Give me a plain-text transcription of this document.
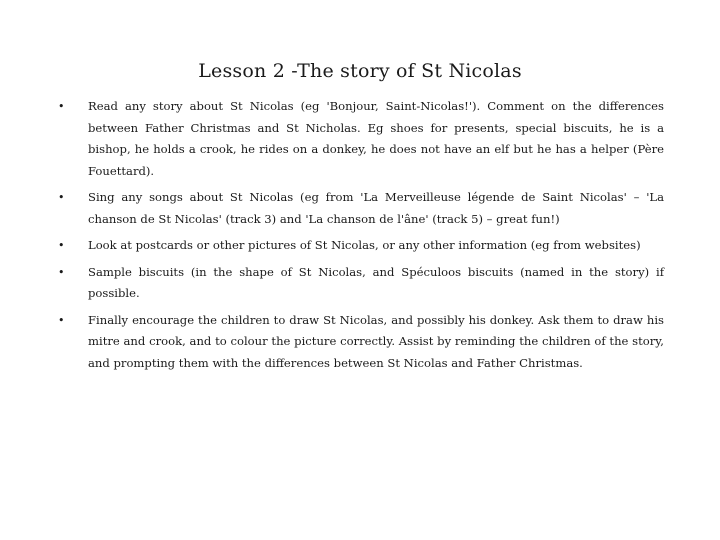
Lesson 2 -The story of St Nicolas
•	Read any story about St Nicolas (eg 'Bonjour, Saint-Nicolas!'). Comment on the differences between Father Christmas and St Nicholas. Eg shoes for presents, special biscuits, he is a bishop, he holds a crook, he rides on a donkey, he does not have an elf but he has a helper (Père Fouettard).
•	Sing any songs about St Nicolas (eg from 'La Merveilleuse légende de Saint Nicolas' – 'La chanson de St Nicolas' (track 3) and 'La chanson de l'âne' (track 5) – great fun!)
•	Look at postcards or other pictures of St Nicolas, or any other information (eg from websites)
•	Sample biscuits (in the shape of St Nicolas, and Spéculoos biscuits (named in the story) if possible.
•	Finally encourage the children to draw St Nicolas, and possibly his donkey. Ask them to draw his mitre and crook, and to colour the picture correctly. Assist by reminding the children of the story, and prompting them with the differences between St Nicolas and Father Christmas.
